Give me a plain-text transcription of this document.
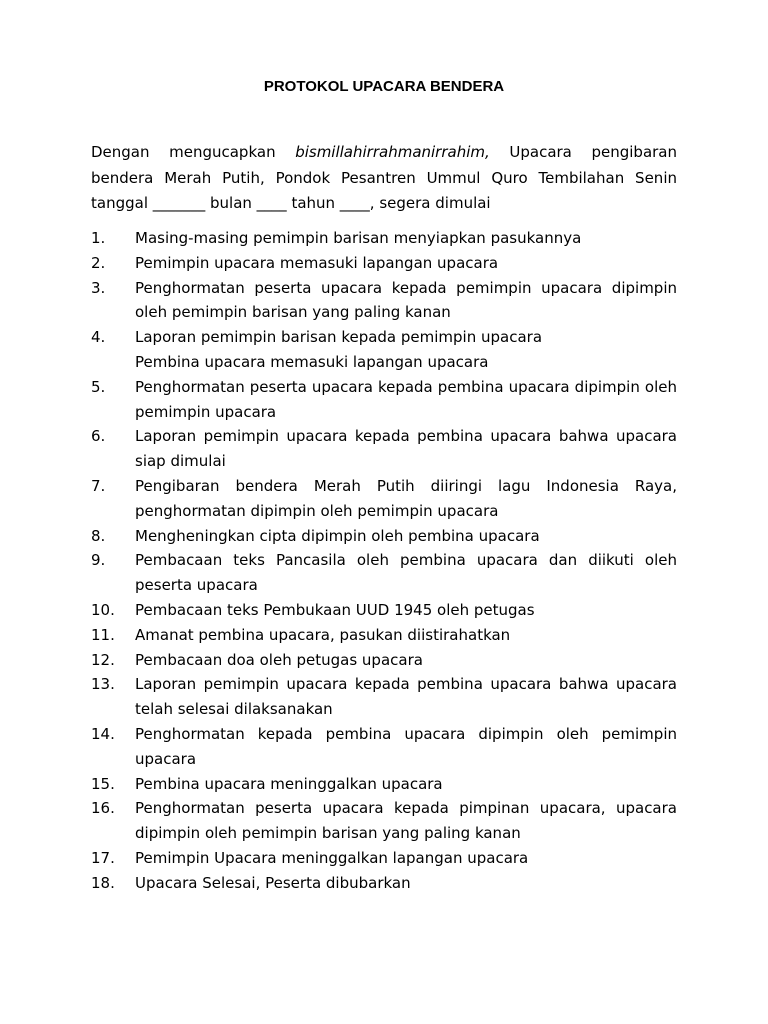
PROTOKOL UPACARA BENDERA

Dengan mengucapkan bismillahirrahmanirrahim, Upacara pengibaran bendera Merah Putih, Pondok Pesantren Ummul Quro Tembilahan Senin tanggal _______ bulan ____ tahun ____, segera dimulai

1.	Masing-masing pemimpin barisan menyiapkan pasukannya
2.	Pemimpin upacara memasuki lapangan upacara
3.	Penghormatan peserta upacara kepada pemimpin upacara dipimpin oleh pemimpin barisan yang paling kanan
4.	Laporan pemimpin barisan kepada pemimpin upacara
Pembina upacara memasuki lapangan upacara
5.	Penghormatan peserta upacara kepada pembina upacara dipimpin oleh pemimpin upacara
6.	Laporan pemimpin upacara kepada pembina upacara bahwa upacara siap dimulai
7.	Pengibaran bendera Merah Putih diiringi lagu Indonesia Raya, penghormatan dipimpin oleh pemimpin upacara
8.	Mengheningkan cipta dipimpin oleh pembina upacara
9.	Pembacaan teks Pancasila oleh pembina upacara dan diikuti oleh peserta upacara
10.	Pembacaan teks Pembukaan UUD 1945 oleh petugas
11.	Amanat pembina upacara, pasukan diistirahatkan
12.	Pembacaan doa oleh petugas upacara
13.	Laporan pemimpin upacara kepada pembina upacara bahwa upacara telah selesai dilaksanakan
14.	Penghormatan kepada pembina upacara dipimpin oleh pemimpin upacara
15.	Pembina upacara meninggalkan upacara
16.	Penghormatan peserta upacara kepada pimpinan upacara, upacara dipimpin oleh pemimpin barisan yang paling kanan
17.	Pemimpin Upacara meninggalkan lapangan upacara
18.	Upacara Selesai, Peserta dibubarkan
